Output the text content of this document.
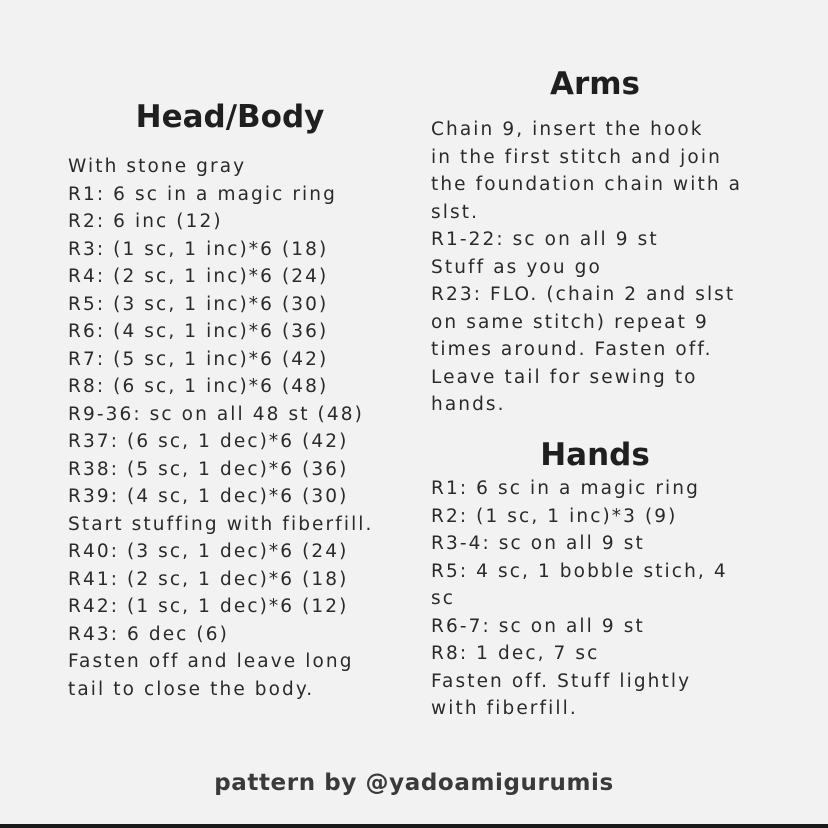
Head/Body
With stone gray
R1: 6 sc in a magic ring
R2: 6 inc (12)
R3: (1 sc, 1 inc)*6 (18)
R4: (2 sc, 1 inc)*6 (24)
R5: (3 sc, 1 inc)*6 (30)
R6: (4 sc, 1 inc)*6 (36)
R7: (5 sc, 1 inc)*6 (42)
R8: (6 sc, 1 inc)*6 (48)
R9-36: sc on all 48 st (48)
R37: (6 sc, 1 dec)*6 (42)
R38: (5 sc, 1 dec)*6 (36)
R39: (4 sc, 1 dec)*6 (30)
Start stuffing with fiberfill.
R40: (3 sc, 1 dec)*6 (24)
R41: (2 sc, 1 dec)*6 (18)
R42: (1 sc, 1 dec)*6 (12)
R43: 6 dec (6)
Fasten off and leave long
tail to close the body.
Arms
Chain 9, insert the hook
in the first stitch and join
the foundation chain with a
slst.
R1-22: sc on all 9 st
Stuff as you go
R23: FLO. (chain 2 and slst
on same stitch) repeat 9
times around. Fasten off.
Leave tail for sewing to
hands.
Hands
R1: 6 sc in a magic ring
R2: (1 sc, 1 inc)*3 (9)
R3-4: sc on all 9 st
R5: 4 sc, 1 bobble stich, 4
sc
R6-7: sc on all 9 st
R8: 1 dec, 7 sc
Fasten off. Stuff lightly
with fiberfill.
pattern by @yadoamigurumis
